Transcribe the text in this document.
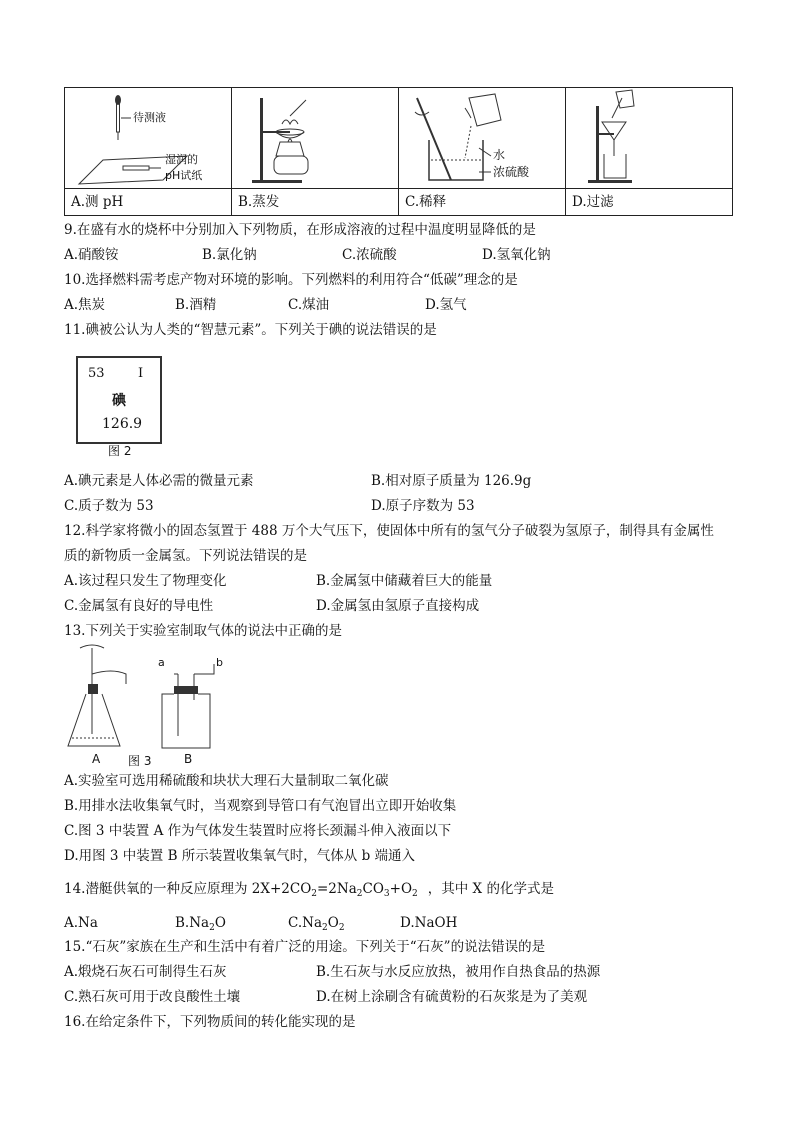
待测液
湿润的
pH试纸		水
浓硫酸

A.测 pH	B.蒸发	C.稀释	D.过滤
9.在盛有水的烧杯中分别加入下列物质，在形成溶液的过程中温度明显降低的是
A.硝酸铵	B.氯化钠	C.浓硫酸	D.氢氧化钠
10.选择燃料需考虑产物对环境的影响。下列燃料的利用符合“低碳”理念的是
A.焦炭	B.酒精	C.煤油	D.氢气
11.碘被公认为人类的“智慧元素”。下列关于碘的说法错误的是
53	I
碘
126.9
图 2
A.碘元素是人体必需的微量元素	B.相对原子质量为 126.9g
C.质子数为 53	D.原子序数为 53
12.科学家将微小的固态氢置于 488 万个大气压下，使固体中所有的氢气分子破裂为氢原子，制得具有金属性
质的新物质一金属氢。下列说法错误的是
A.该过程只发生了物理变化	B.金属氢中储藏着巨大的能量
C.金属氢有良好的导电性	D.金属氢由氢原子直接构成
13.下列关于实验室制取气体的说法中正确的是
a	b
A 图 3	B
A.实验室可选用稀硫酸和块状大理石大量制取二氧化碳
B.用排水法收集氧气时，当观察到导管口有气泡冒出立即开始收集
C.图 3 中装置 A 作为气体发生装置时应将长颈漏斗伸入液面以下
D.用图 3 中装置 B 所示装置收集氧气时，气体从 b 端通入
14.潜艇供氧的一种反应原理为 $2X+2CO_2=2Na_2CO_3+O_2$ ，其中 X 的化学式是
A.Na	$B.Na_2O$	$C.Na_2O_2$	D.NaOH
15.“石灰”家族在生产和生活中有着广泛的用途。下列关于“石灰”的说法错误的是
A.煅烧石灰石可制得生石灰	B.生石灰与水反应放热，被用作自热食品的热源
C.熟石灰可用于改良酸性土壤	D.在树上涂刷含有硫黄粉的石灰浆是为了美观
16.在给定条件下，下列物质间的转化能实现的是
